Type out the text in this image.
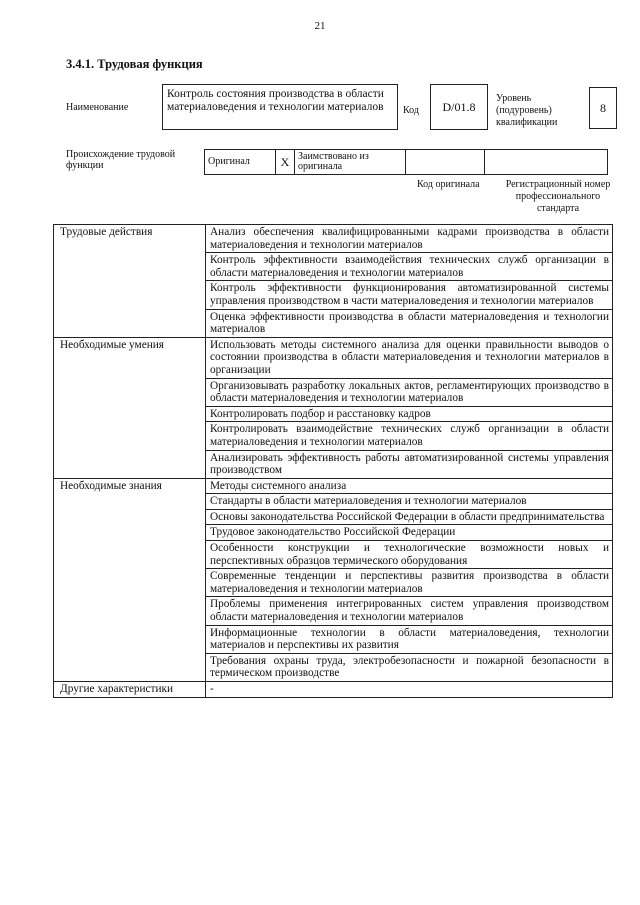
21
3.4.1. Трудовая функция
Наименование
Контроль состояния производства в области материаловедения и технологии материалов	Код	D/01.8
Уровень (подуровень) квалификации
8
Происхождение трудовой функции	Оригинал	X	Заимствовано из оригинала		
Код оригинала	Регистрационный номер профессионального стандарта
Трудовые действия	Анализ обеспечения квалифицированными кадрами производства в области материаловедения и технологии материалов
	Контроль эффективности взаимодействия технических служб организации в области материаловедения и технологии материалов
	Контроль эффективности функционирования автоматизированной системы управления производством в части материаловедения и технологии материалов
	Оценка эффективности производства в области материаловедения и технологии материалов
Необходимые умения	Использовать методы системного анализа для оценки правильности выводов о состоянии производства в области материаловедения и технологии материалов в организации
	Организовывать разработку локальных актов, регламентирующих производство в области материаловедения и технологии материалов
	Контролировать подбор и расстановку кадров
	Контролировать взаимодействие технических служб организации в области материаловедения и технологии материалов
	Анализировать эффективность работы автоматизированной системы управления производством
Необходимые знания	Методы системного анализа
	Стандарты в области материаловедения и технологии материалов
	Основы законодательства Российской Федерации в области предпринимательства
	Трудовое законодательство Российской Федерации
	Особенности конструкции и технологические возможности новых и перспективных образцов термического оборудования
	Современные тенденции и перспективы развития производства в области материаловедения и технологии материалов
	Проблемы применения интегрированных систем управления производством области материаловедения и технологии материалов
	Информационные технологии в области материаловедения, технологии материалов и перспективы их развития
	Требования охраны труда, электробезопасности и пожарной безопасности в термическом производстве
Другие характеристики	-
